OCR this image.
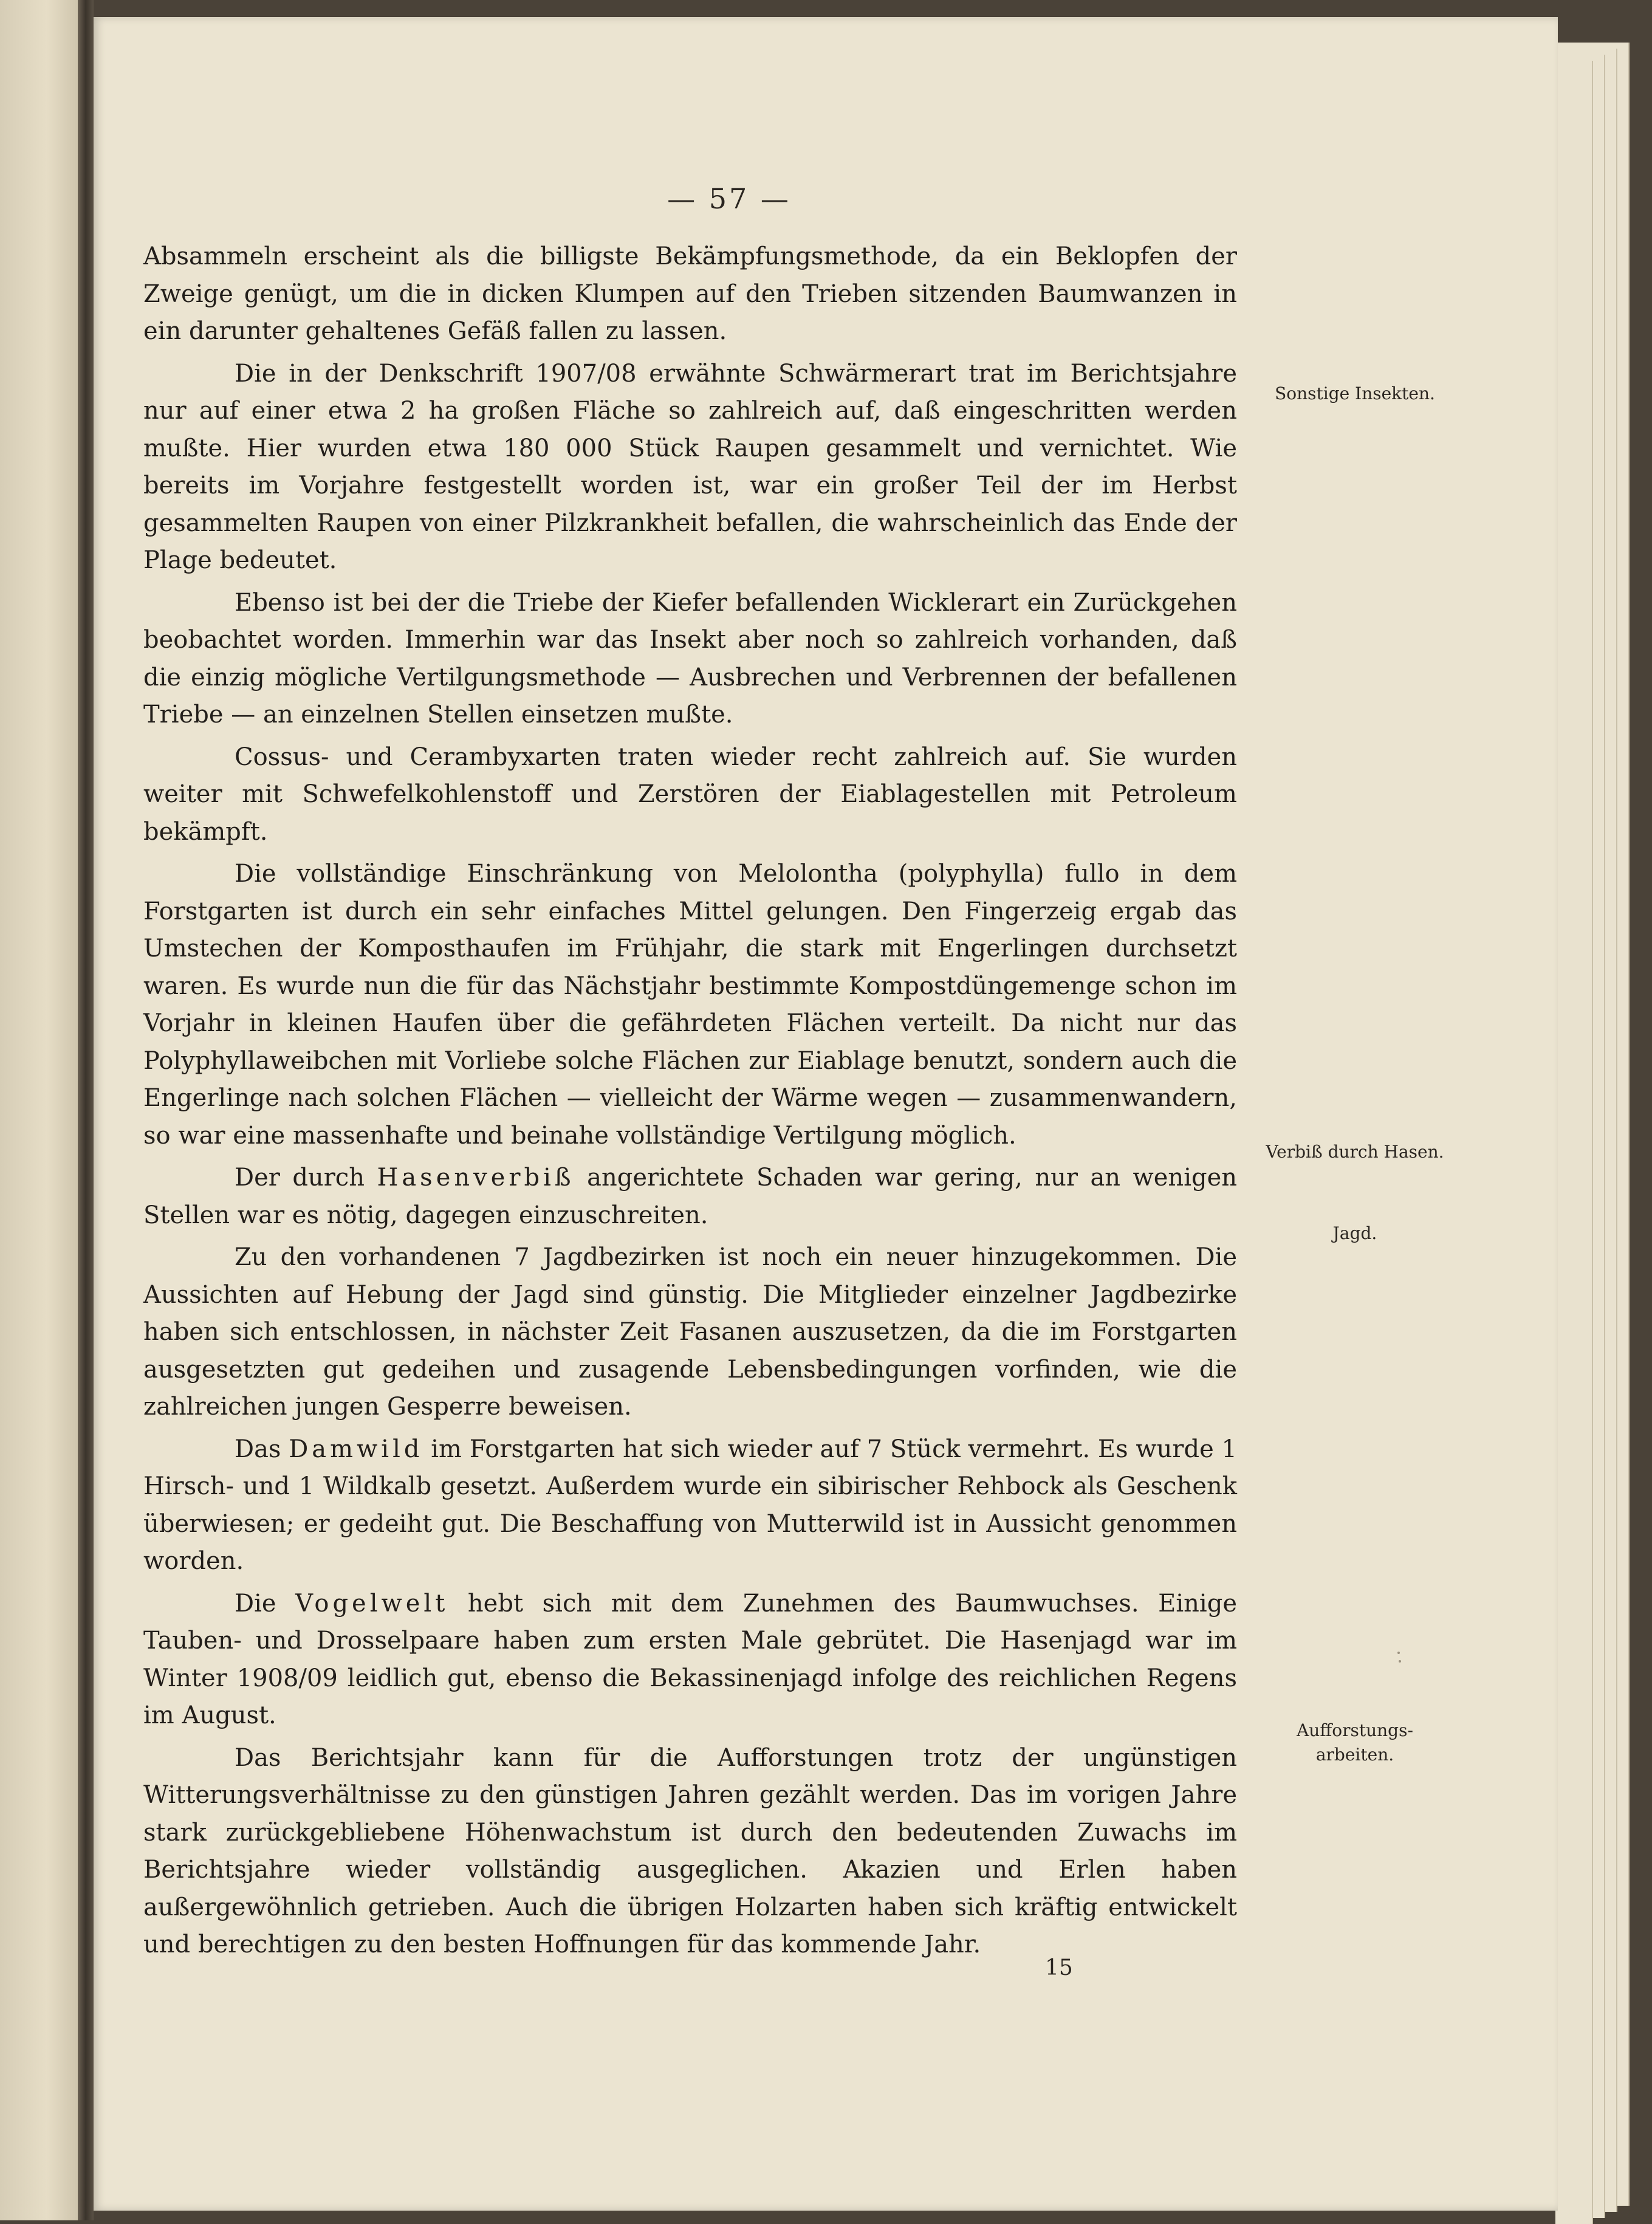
— 57 —

Absammeln erscheint als die billigste Bekämpfungsmethode, da ein Beklopfen der Zweige genügt, um die in dicken Klumpen auf den Trieben sitzenden Baumwanzen in ein darunter gehaltenes Gefäß fallen zu lassen.

Die in der Denkschrift 1907/08 erwähnte Schwärmerart trat im Berichtsjahre nur auf einer etwa 2 ha großen Fläche so zahlreich auf, daß eingeschritten werden mußte. Hier wurden etwa 180 000 Stück Raupen gesammelt und vernichtet. Wie bereits im Vorjahre festgestellt worden ist, war ein großer Teil der im Herbst gesammelten Raupen von einer Pilzkrankheit befallen, die wahrscheinlich das Ende der Plage bedeutet.

Ebenso ist bei der die Triebe der Kiefer befallenden Wicklerart ein Zurückgehen beobachtet worden. Immerhin war das Insekt aber noch so zahlreich vorhanden, daß die einzig mögliche Vertilgungsmethode — Ausbrechen und Verbrennen der befallenen Triebe — an einzelnen Stellen einsetzen mußte.

Cossus- und Cerambyxarten traten wieder recht zahlreich auf. Sie wurden weiter mit Schwefelkohlenstoff und Zerstören der Eiablagestellen mit Petroleum bekämpft.

Die vollständige Einschränkung von Melolontha (polyphylla) fullo in dem Forstgarten ist durch ein sehr einfaches Mittel gelungen. Den Fingerzeig ergab das Umstechen der Komposthaufen im Frühjahr, die stark mit Engerlingen durchsetzt waren. Es wurde nun die für das Nächstjahr bestimmte Kompostdüngemenge schon im Vorjahr in kleinen Haufen über die gefährdeten Flächen verteilt. Da nicht nur das Polyphyllaweibchen mit Vorliebe solche Flächen zur Eiablage benutzt, sondern auch die Engerlinge nach solchen Flächen — vielleicht der Wärme wegen — zusammenwandern, so war eine massenhafte und beinahe vollständige Vertilgung möglich.

Der durch Hasenverbiß angerichtete Schaden war gering, nur an wenigen Stellen war es nötig, dagegen einzuschreiten.

Zu den vorhandenen 7 Jagdbezirken ist noch ein neuer hinzugekommen. Die Aussichten auf Hebung der Jagd sind günstig. Die Mitglieder einzelner Jagdbezirke haben sich entschlossen, in nächster Zeit Fasanen auszusetzen, da die im Forstgarten ausgesetzten gut gedeihen und zusagende Lebensbedingungen vorfinden, wie die zahlreichen jungen Gesperre beweisen.

Das Damwild im Forstgarten hat sich wieder auf 7 Stück vermehrt. Es wurde 1 Hirsch- und 1 Wildkalb gesetzt. Außerdem wurde ein sibirischer Rehbock als Geschenk überwiesen; er gedeiht gut. Die Beschaffung von Mutterwild ist in Aussicht genommen worden.

Die Vogelwelt hebt sich mit dem Zunehmen des Baumwuchses. Einige Tauben- und Drosselpaare haben zum ersten Male gebrütet. Die Hasenjagd war im Winter 1908/09 leidlich gut, ebenso die Bekassinenjagd infolge des reichlichen Regens im August.

Das Berichtsjahr kann für die Aufforstungen trotz der ungünstigen Witterungsverhältnisse zu den günstigen Jahren gezählt werden. Das im vorigen Jahre stark zurückgebliebene Höhenwachstum ist durch den bedeutenden Zuwachs im Berichtsjahre wieder vollständig ausgeglichen. Akazien und Erlen haben außergewöhnlich getrieben. Auch die übrigen Holzarten haben sich kräftig entwickelt und berechtigen zu den besten Hoffnungen für das kommende Jahr.

Sonstige Insekten.
Verbiß durch Hasen.
Jagd.
Aufforstungs-
arbeiten.
15
